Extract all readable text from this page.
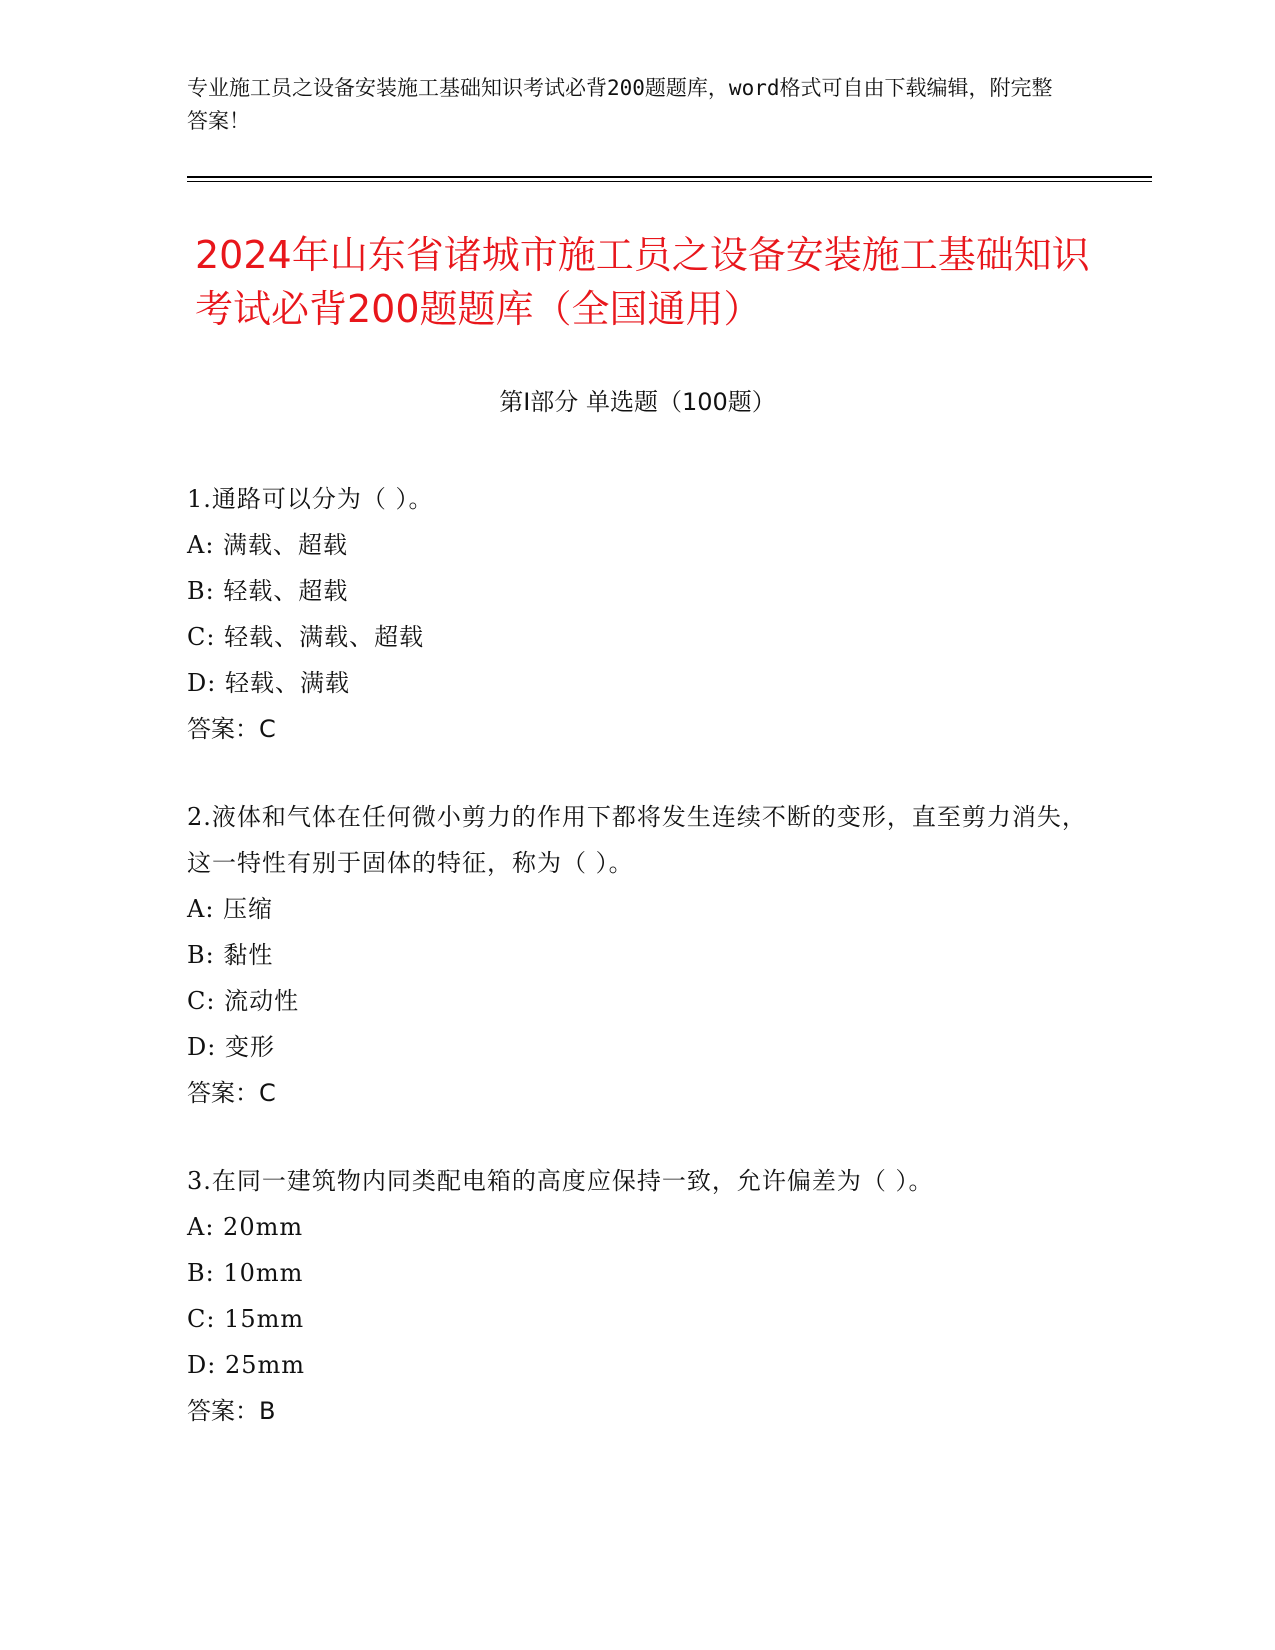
专业施工员之设备安装施工基础知识考试必背200题题库，word格式可自由下载编辑，附完整答案！
2024年山东省诸城市施工员之设备安装施工基础知识考试必背200题题库（全国通用）
第Ⅰ部分 单选题（100题）
1.通路可以分为（ ）。
A: 满载、超载
B: 轻载、超载
C: 轻载、满载、超载
D: 轻载、满载
答案：C
2.液体和气体在任何微小剪力的作用下都将发生连续不断的变形，直至剪力消失，这一特性有别于固体的特征，称为（ ）。
A: 压缩
B: 黏性
C: 流动性
D: 变形
答案：C
3.在同一建筑物内同类配电箱的高度应保持一致，允许偏差为（ ）。
A: 20mm
B: 10mm
C: 15mm
D: 25mm
答案：B
